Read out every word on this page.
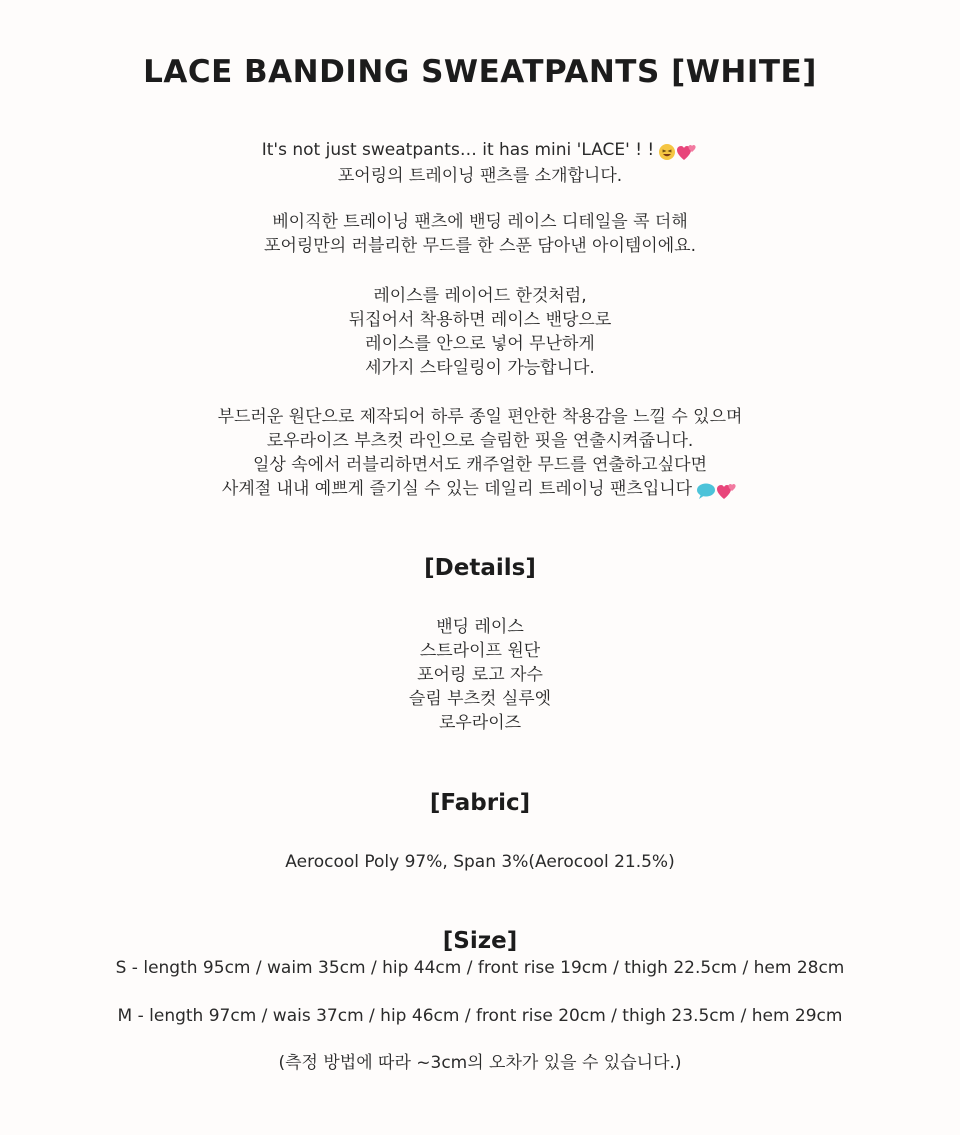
LACE BANDING SWEATPANTS [WHITE]
It's not just sweatpants… it has mini 'LACE' ! !
포어링의 트레이닝 팬츠를 소개합니다.
베이직한 트레이닝 팬츠에 밴딩 레이스 디테일을 콕 더해
포어링만의 러블리한 무드를 한 스푼 담아낸 아이템이에요.
레이스를 레이어드 한것처럼,
뒤집어서 착용하면 레이스 밴당으로
레이스를 안으로 넣어 무난하게
세가지 스타일링이 가능합니다.
부드러운 원단으로 제작되어 하루 종일 편안한 착용감을 느낄 수 있으며
로우라이즈 부츠컷 라인으로 슬림한 핏을 연출시켜줍니다.
일상 속에서 러블리하면서도 캐주얼한 무드를 연출하고싶다면
사계절 내내 예쁘게 즐기실 수 있는 데일리 트레이닝 팬츠입니다
[Details]
밴딩 레이스
스트라이프 원단
포어링 로고 자수
슬림 부츠컷 실루엣
로우라이즈
[Fabric]
Aerocool Poly 97%, Span 3%(Aerocool 21.5%)
[Size]
S - length 95cm / waim 35cm / hip 44cm / front rise 19cm / thigh 22.5cm / hem 28cm
M - length 97cm / wais 37cm / hip 46cm / front rise 20cm / thigh 23.5cm / hem 29cm
(측정 방법에 따라 ~3cm의 오차가 있을 수 있습니다.)
